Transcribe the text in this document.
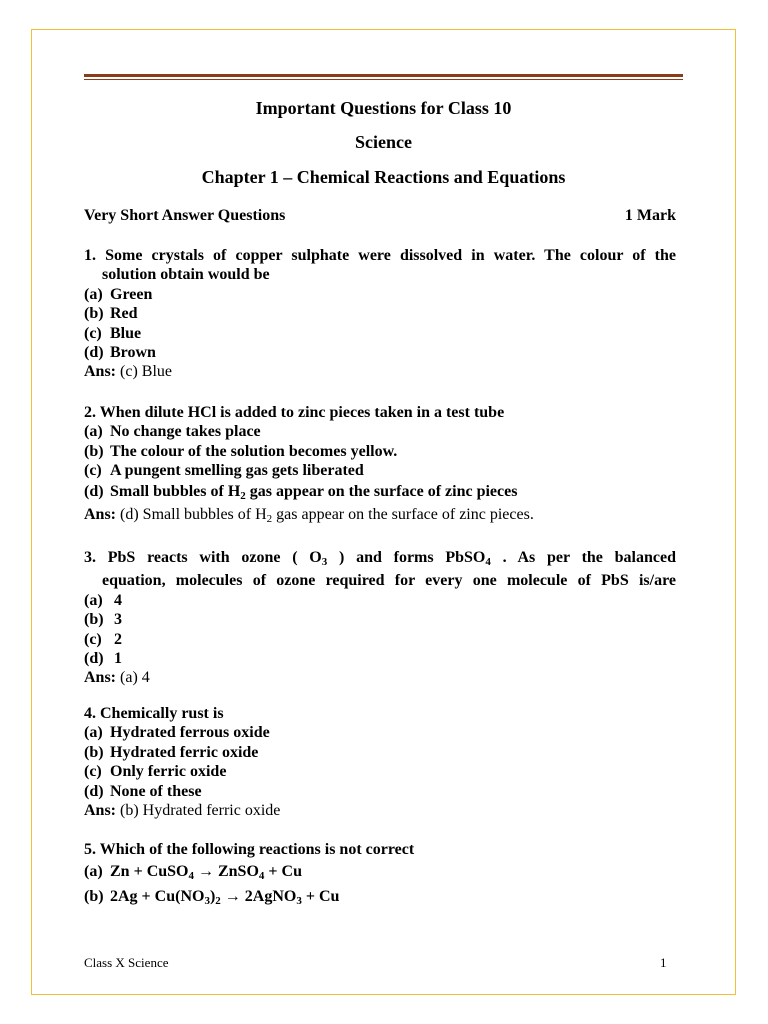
Important Questions for Class 10
Science
Chapter 1 – Chemical Reactions and Equations
Very Short Answer Questions	1 Mark
1. Some crystals of copper sulphate were dissolved in water. The colour of the
solution obtain would be
(a) Green
(b) Red
(c) Blue
(d) Brown
Ans: (c) Blue
2. When dilute HCl is added to zinc pieces taken in a test tube
(a) No change takes place
(b) The colour of the solution becomes yellow.
(c) A pungent smelling gas gets liberated
(d) Small bubbles of $H_2$ gas appear on the surface of zinc pieces
Ans: (d) Small bubbles of $H_2$ gas appear on the surface of zinc pieces.
3. PbS reacts with ozone ( $O_3$ ) and forms PbSO$_4$ . As per the balanced
equation, molecules of ozone required for every one molecule of PbS is/are
(a) 4
(b) 3
(c) 2
(d) 1
Ans: (a) 4
4. Chemically rust is
(a) Hydrated ferrous oxide
(b) Hydrated ferric oxide
(c) Only ferric oxide
(d) None of these
Ans: (b) Hydrated ferric oxide
5. Which of the following reactions is not correct
(a) Zn + CuSO$_4$ → ZnSO$_4$ + Cu
(b) $2Ag + Cu(NO_3)_2$ → 2AgNO$_3$ + Cu
Class X Science	1
